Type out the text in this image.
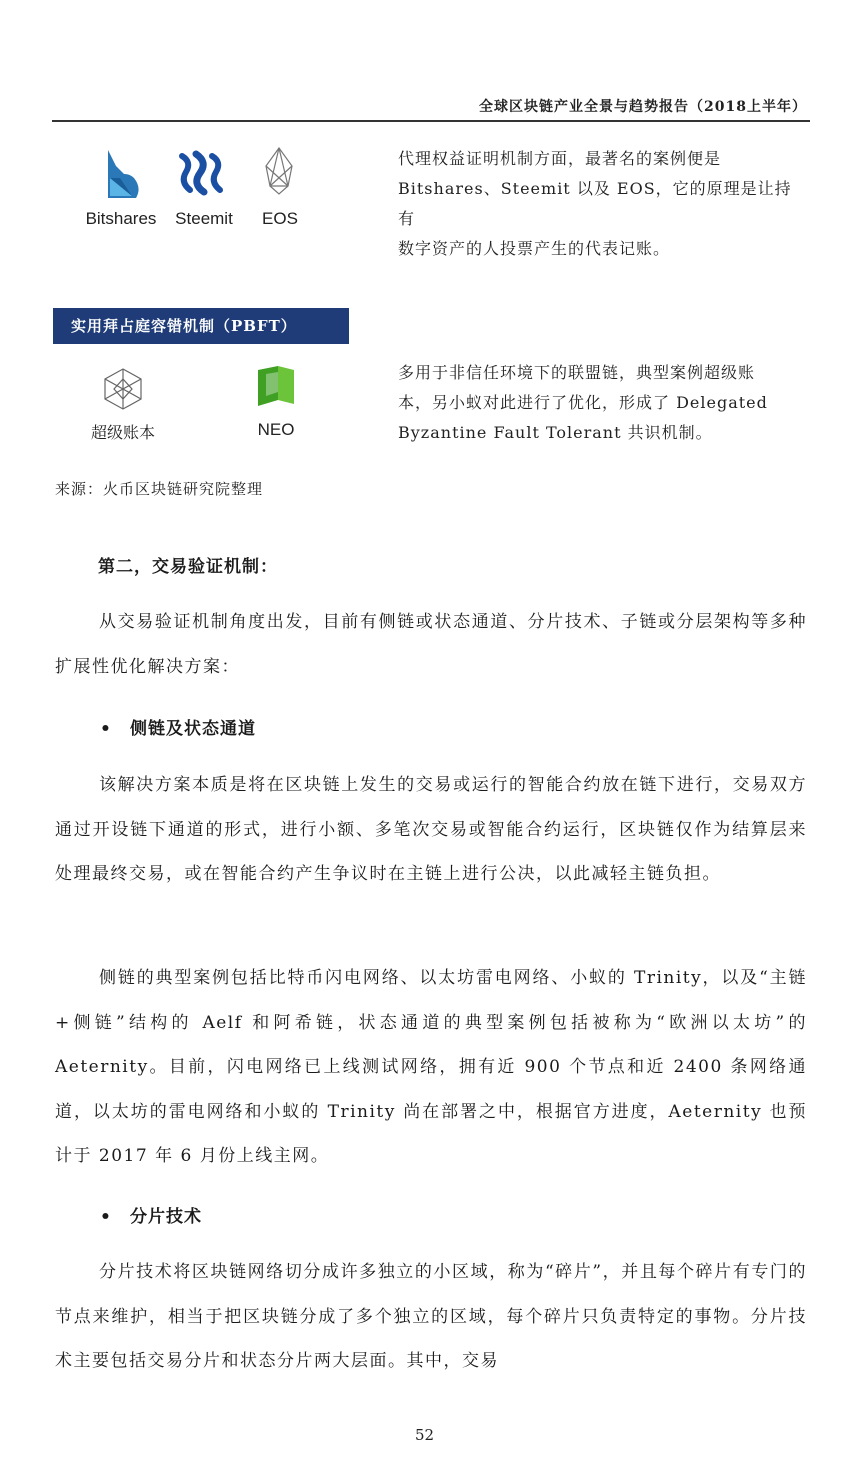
全球区块链产业全景与趋势报告（2018上半年）
Bitshares	Steemit	EOS
代理权益证明机制方面，最著名的案例便是
Bitshares、Steemit 以及 EOS，它的原理是让持有
数字资产的人投票产生的代表记账。
实用拜占庭容错机制（PBFT）
超级账本	NEO
多用于非信任环境下的联盟链，典型案例超级账
本，另小蚁对此进行了优化，形成了 Delegated
Byzantine Fault Tolerant 共识机制。
来源：火币区块链研究院整理
第二，交易验证机制：
从交易验证机制角度出发，目前有侧链或状态通道、分片技术、子链或分层架构等多种扩展性优化解决方案：
• 侧链及状态通道
该解决方案本质是将在区块链上发生的交易或运行的智能合约放在链下进行，交易双方通过开设链下通道的形式，进行小额、多笔次交易或智能合约运行，区块链仅作为结算层来处理最终交易，或在智能合约产生争议时在主链上进行公决，以此减轻主链负担。
侧链的典型案例包括比特币闪电网络、以太坊雷电网络、小蚁的 Trinity，以及“主链+侧链”结构的 Aelf 和阿希链，状态通道的典型案例包括被称为“欧洲以太坊”的 Aeternity。目前，闪电网络已上线测试网络，拥有近 900 个节点和近 2400 条网络通道，以太坊的雷电网络和小蚁的 Trinity 尚在部署之中，根据官方进度，Aeternity 也预计于 2017 年 6 月份上线主网。
• 分片技术
分片技术将区块链网络切分成许多独立的小区域，称为“碎片”，并且每个碎片有专门的节点来维护，相当于把区块链分成了多个独立的区域，每个碎片只负责特定的事物。分片技术主要包括交易分片和状态分片两大层面。其中，交易
52
